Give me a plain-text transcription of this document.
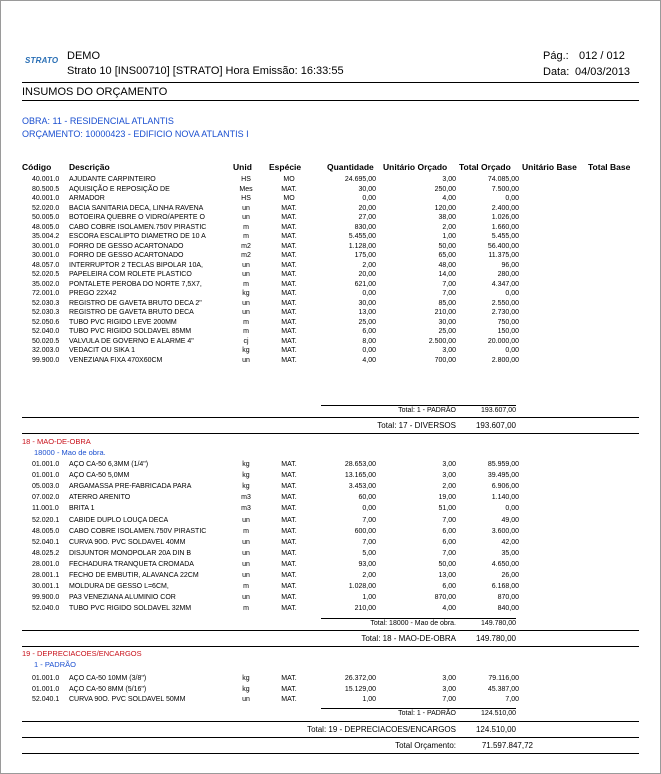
STRATO DEMO
Strato 10 [INS00710] [STRATO] Hora Emissão: 16:33:55
Pág.: 012 / 012
Data: 04/03/2013
INSUMOS DO ORÇAMENTO
OBRA: 11 - RESIDENCIAL ATLANTIS
ORÇAMENTO: 10000423 - EDIFICIO NOVA ATLANTIS I
Código Descrição	Unid Espécie	Quantidade Unitário Orçado Total Orçado Unitário Base Total Base
40.001.0 AJUDANTE CARPINTEIRO	HS	MO	24.695,00	3,00	74.085,00
80.500.5 AQUISIÇÃO E REPOSIÇÃO DE	Mes	MAT.	30,00	250,00	7.500,00
40.001.0 ARMADOR	HS	MO	0,00	4,00	0,00
52.020.0 BACIA SANITARIA DECA, LINHA RAVENA	un	MAT.	20,00	120,00	2.400,00
50.005.0 BOTOEIRA QUEBRE O VIDRO/APERTE O	un	MAT.	27,00	38,00	1.026,00
48.005.0 CABO COBRE ISOLAMEN.750V PIRASTIC	m	MAT.	830,00	2,00	1.660,00
35.004.2 ESCORA ESCALIPTO DIAMETRO DE 10 A	m	MAT.	5.455,00	1,00	5.455,00
30.001.0 FORRO DE GESSO ACARTONADO	m2	MAT.	1.128,00	50,00	56.400,00
30.001.0 FORRO DE GESSO ACARTONADO	m2	MAT.	175,00	65,00	11.375,00
48.057.0 INTERRUPTOR 2 TECLAS BIPOLAR 10A,	un	MAT.	2,00	48,00	96,00
52.020.5 PAPELEIRA COM ROLETE PLASTICO	un	MAT.	20,00	14,00	280,00
35.002.0 PONTALETE PEROBA DO NORTE 7,5X7,	m	MAT.	621,00	7,00	4.347,00
72.001.0 PREGO 22X42	kg	MAT.	0,00	7,00	0,00
52.030.3 REGISTRO DE GAVETA BRUTO DECA 2"	un	MAT.	30,00	85,00	2.550,00
52.030.3 REGISTRO DE GAVETA BRUTO DECA	un	MAT.	13,00	210,00	2.730,00
52.050.6 TUBO PVC RIGIDO LEVE 200MM	m	MAT.	25,00	30,00	750,00
52.040.0 TUBO PVC RIGIDO SOLDAVEL 85MM	m	MAT.	6,00	25,00	150,00
50.020.5 VALVULA DE GOVERNO E ALARME 4"	cj	MAT.	8,00	2.500,00	20.000,00
32.003.0 VEDACIT OU SIKA 1	kg	MAT.	0,00	3,00	0,00
99.900.0 VENEZIANA FIXA 470X60CM	un	MAT.	4,00	700,00	2.800,00
Total: 1 - PADRÃO	193.607,00
Total: 17 - DIVERSOS 193.607,00
18 - MAO-DE-OBRA
18000 - Mao de obra.
01.001.0 AÇO CA-50 6,3MM (1/4")	kg	MAT.	28.653,00	3,00	85.959,00
01.001.0 AÇO CA-50 5,0MM	kg	MAT.	13.165,00	3,00	39.495,00
05.003.0 ARGAMASSA PRE-FABRICADA PARA	kg	MAT.	3.453,00	2,00	6.906,00
07.002.0 ATERRO ARENITO	m3	MAT.	60,00	19,00	1.140,00
11.001.0 BRITA 1	m3	MAT.	0,00	51,00	0,00
52.020.1 CABIDE DUPLO LOUÇA DECA	un	MAT.	7,00	7,00	49,00
48.005.0 CABO COBRE ISOLAMEN.750V PIRASTIC	m	MAT.	600,00	6,00	3.600,00
52.040.1 CURVA 90O. PVC SOLDAVEL 40MM	un	MAT.	7,00	6,00	42,00
48.025.2 DISJUNTOR MONOPOLAR 20A DIN B	un	MAT.	5,00	7,00	35,00
28.001.0 FECHADURA TRANQUETA CROMADA	un	MAT.	93,00	50,00	4.650,00
28.001.1 FECHO DE EMBUTIR, ALAVANCA 22CM	un	MAT.	2,00	13,00	26,00
30.001.1 MOLDURA DE GESSO L=6CM,	m	MAT.	1.028,00	6,00	6.168,00
99.900.0 PA3 VENEZIANA ALUMINIO COR	un	MAT.	1,00	870,00	870,00
52.040.0 TUBO PVC RIGIDO SOLDAVEL 32MM	m	MAT.	210,00	4,00	840,00
Total: 18000 - Mao de obra.	149.780,00
Total: 18 - MAO-DE-OBRA 149.780,00
19 - DEPRECIACOES/ENCARGOS
1 - PADRÃO
01.001.0 AÇO CA-50 10MM (3/8")	kg	MAT.	26.372,00	3,00	79.116,00
01.001.0 AÇO CA-50 8MM (5/16")	kg	MAT.	15.129,00	3,00	45.387,00
52.040.1 CURVA 90O. PVC SOLDAVEL 50MM	un	MAT.	1,00	7,00	7,00
Total: 1 - PADRÃO	124.510,00
Total: 19 - DEPRECIACOES/ENCARGOS 124.510,00
Total Orçamento:	71.597.847,72
